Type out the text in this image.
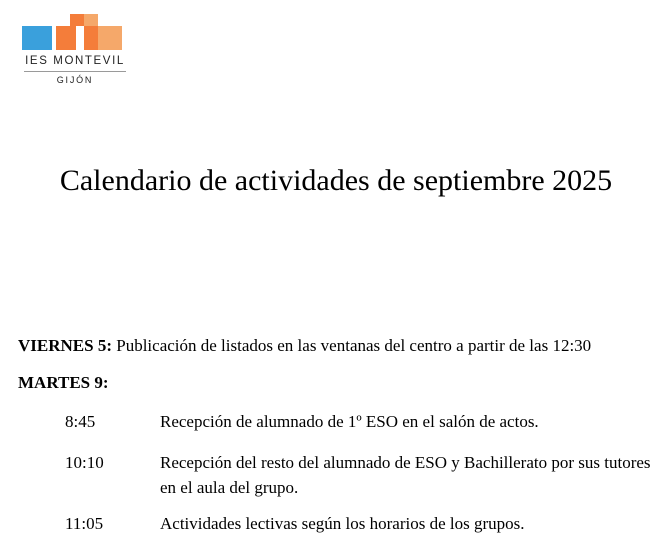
IES MONTEVIL
GIJÓN
Calendario de actividades de septiembre 2025
VIERNES 5: Publicación de listados en las ventanas del centro a partir de las 12:30
MARTES 9:
8:45	Recepción de alumnado de 1º ESO en el salón de actos.
10:10	Recepción del resto del alumnado de ESO y Bachillerato por sus tutores en el aula del grupo.
11:05	Actividades lectivas según los horarios de los grupos.
